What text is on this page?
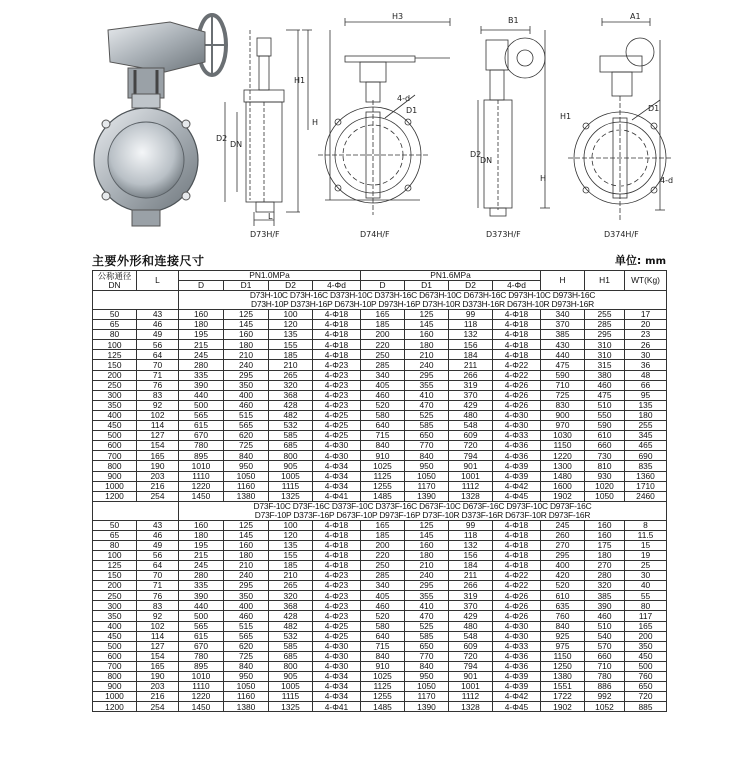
H1
H
D2
DN
L
H3
D1
4-d
B1
D2
DN
H
A1
H1
D1
4-d
D73H/F	D74H/F	D373H/F	D374H/F
主要外形和连接尺寸	单位: mm
公称通径
DN	L	PN1.0MPa				PN1.6MPa				H	H1	WT(Kg)
		D	D1	D2	4-Φd	D	D1	D2	4-Φd			

		D73H-10C D73H-16C D373H-10C D373H-16C D673H-10C D673H-16C D973H-10C D973H-16C
D73H-10P D373H-16P D673H-10P D973H-16P D73H-10R D373H-16R D673H-10R D973H-16R										

50	43	160	125	100	4-Φ18	165	125	99	4-Φ18	340	255	17
65	46	180	145	120	4-Φ18	185	145	118	4-Φ18	370	285	20
80	49	195	160	135	4-Φ18	200	160	132	4-Φ18	385	295	23
100	56	215	180	155	4-Φ18	220	180	156	4-Φ18	430	310	26
125	64	245	210	185	4-Φ18	250	210	184	4-Φ18	440	310	30
150	70	280	240	210	4-Φ23	285	240	211	4-Φ22	475	315	36
200	71	335	295	265	4-Φ23	340	295	266	4-Φ22	590	380	48
250	76	390	350	320	4-Φ23	405	355	319	4-Φ26	710	460	66
300	83	440	400	368	4-Φ23	460	410	370	4-Φ26	725	475	95
350	92	500	460	428	4-Φ23	520	470	429	4-Φ26	830	510	135
400	102	565	515	482	4-Φ25	580	525	480	4-Φ30	900	550	180
450	114	615	565	532	4-Φ25	640	585	548	4-Φ30	970	590	255
500	127	670	620	585	4-Φ25	715	650	609	4-Φ33	1030	610	345
600	154	780	725	685	4-Φ30	840	770	720	4-Φ36	1150	660	465
700	165	895	840	800	4-Φ30	910	840	794	4-Φ36	1220	730	690
800	190	1010	950	905	4-Φ34	1025	950	901	4-Φ39	1300	810	835
900	203	1110	1050	1005	4-Φ34	1125	1050	1001	4-Φ39	1480	930	1360
1000	216	1220	1160	1115	4-Φ34	1255	1170	1112	4-Φ42	1600	1020	1710
1200	254	1450	1380	1325	4-Φ41	1485	1390	1328	4-Φ45	1902	1050	2460

		D73F-10C D73F-16C D373F-10C D373F-16C D673F-10C D673F-16C D973F-10C D973F-16C
D73F-10P D373F-16P D673F-10P D973F-16P D73F-10R D373F-16R D673F-10R D973F-16R										

50	43	160	125	100	4-Φ18	165	125	99	4-Φ18	245	160	8
65	46	180	145	120	4-Φ18	185	145	118	4-Φ18	260	160	11.5
80	49	195	160	135	4-Φ18	200	160	132	4-Φ18	270	175	15
100	56	215	180	155	4-Φ18	220	180	156	4-Φ18	295	180	19
125	64	245	210	185	4-Φ18	250	210	184	4-Φ18	400	270	25
150	70	280	240	210	4-Φ23	285	240	211	4-Φ22	420	280	30
200	71	335	295	265	4-Φ23	340	295	266	4-Φ22	520	320	40
250	76	390	350	320	4-Φ23	405	355	319	4-Φ26	610	385	55
300	83	440	400	368	4-Φ23	460	410	370	4-Φ26	635	390	80
350	92	500	460	428	4-Φ23	520	470	429	4-Φ26	760	460	117
400	102	565	515	482	4-Φ25	580	525	480	4-Φ30	840	510	165
450	114	615	565	532	4-Φ25	640	585	548	4-Φ30	925	540	200
500	127	670	620	585	4-Φ30	715	650	609	4-Φ33	975	570	350
600	154	780	725	685	4-Φ30	840	770	720	4-Φ36	1150	660	450
700	165	895	840	800	4-Φ30	910	840	794	4-Φ36	1250	710	500
800	190	1010	950	905	4-Φ34	1025	950	901	4-Φ39	1380	780	760
900	203	1110	1050	1005	4-Φ34	1125	1050	1001	4-Φ39	1551	886	650
1000	216	1220	1160	1115	4-Φ34	1255	1170	1112	4-Φ42	1722	992	720
1200	254	1450	1380	1325	4-Φ41	1485	1390	1328	4-Φ45	1902	1052	885
